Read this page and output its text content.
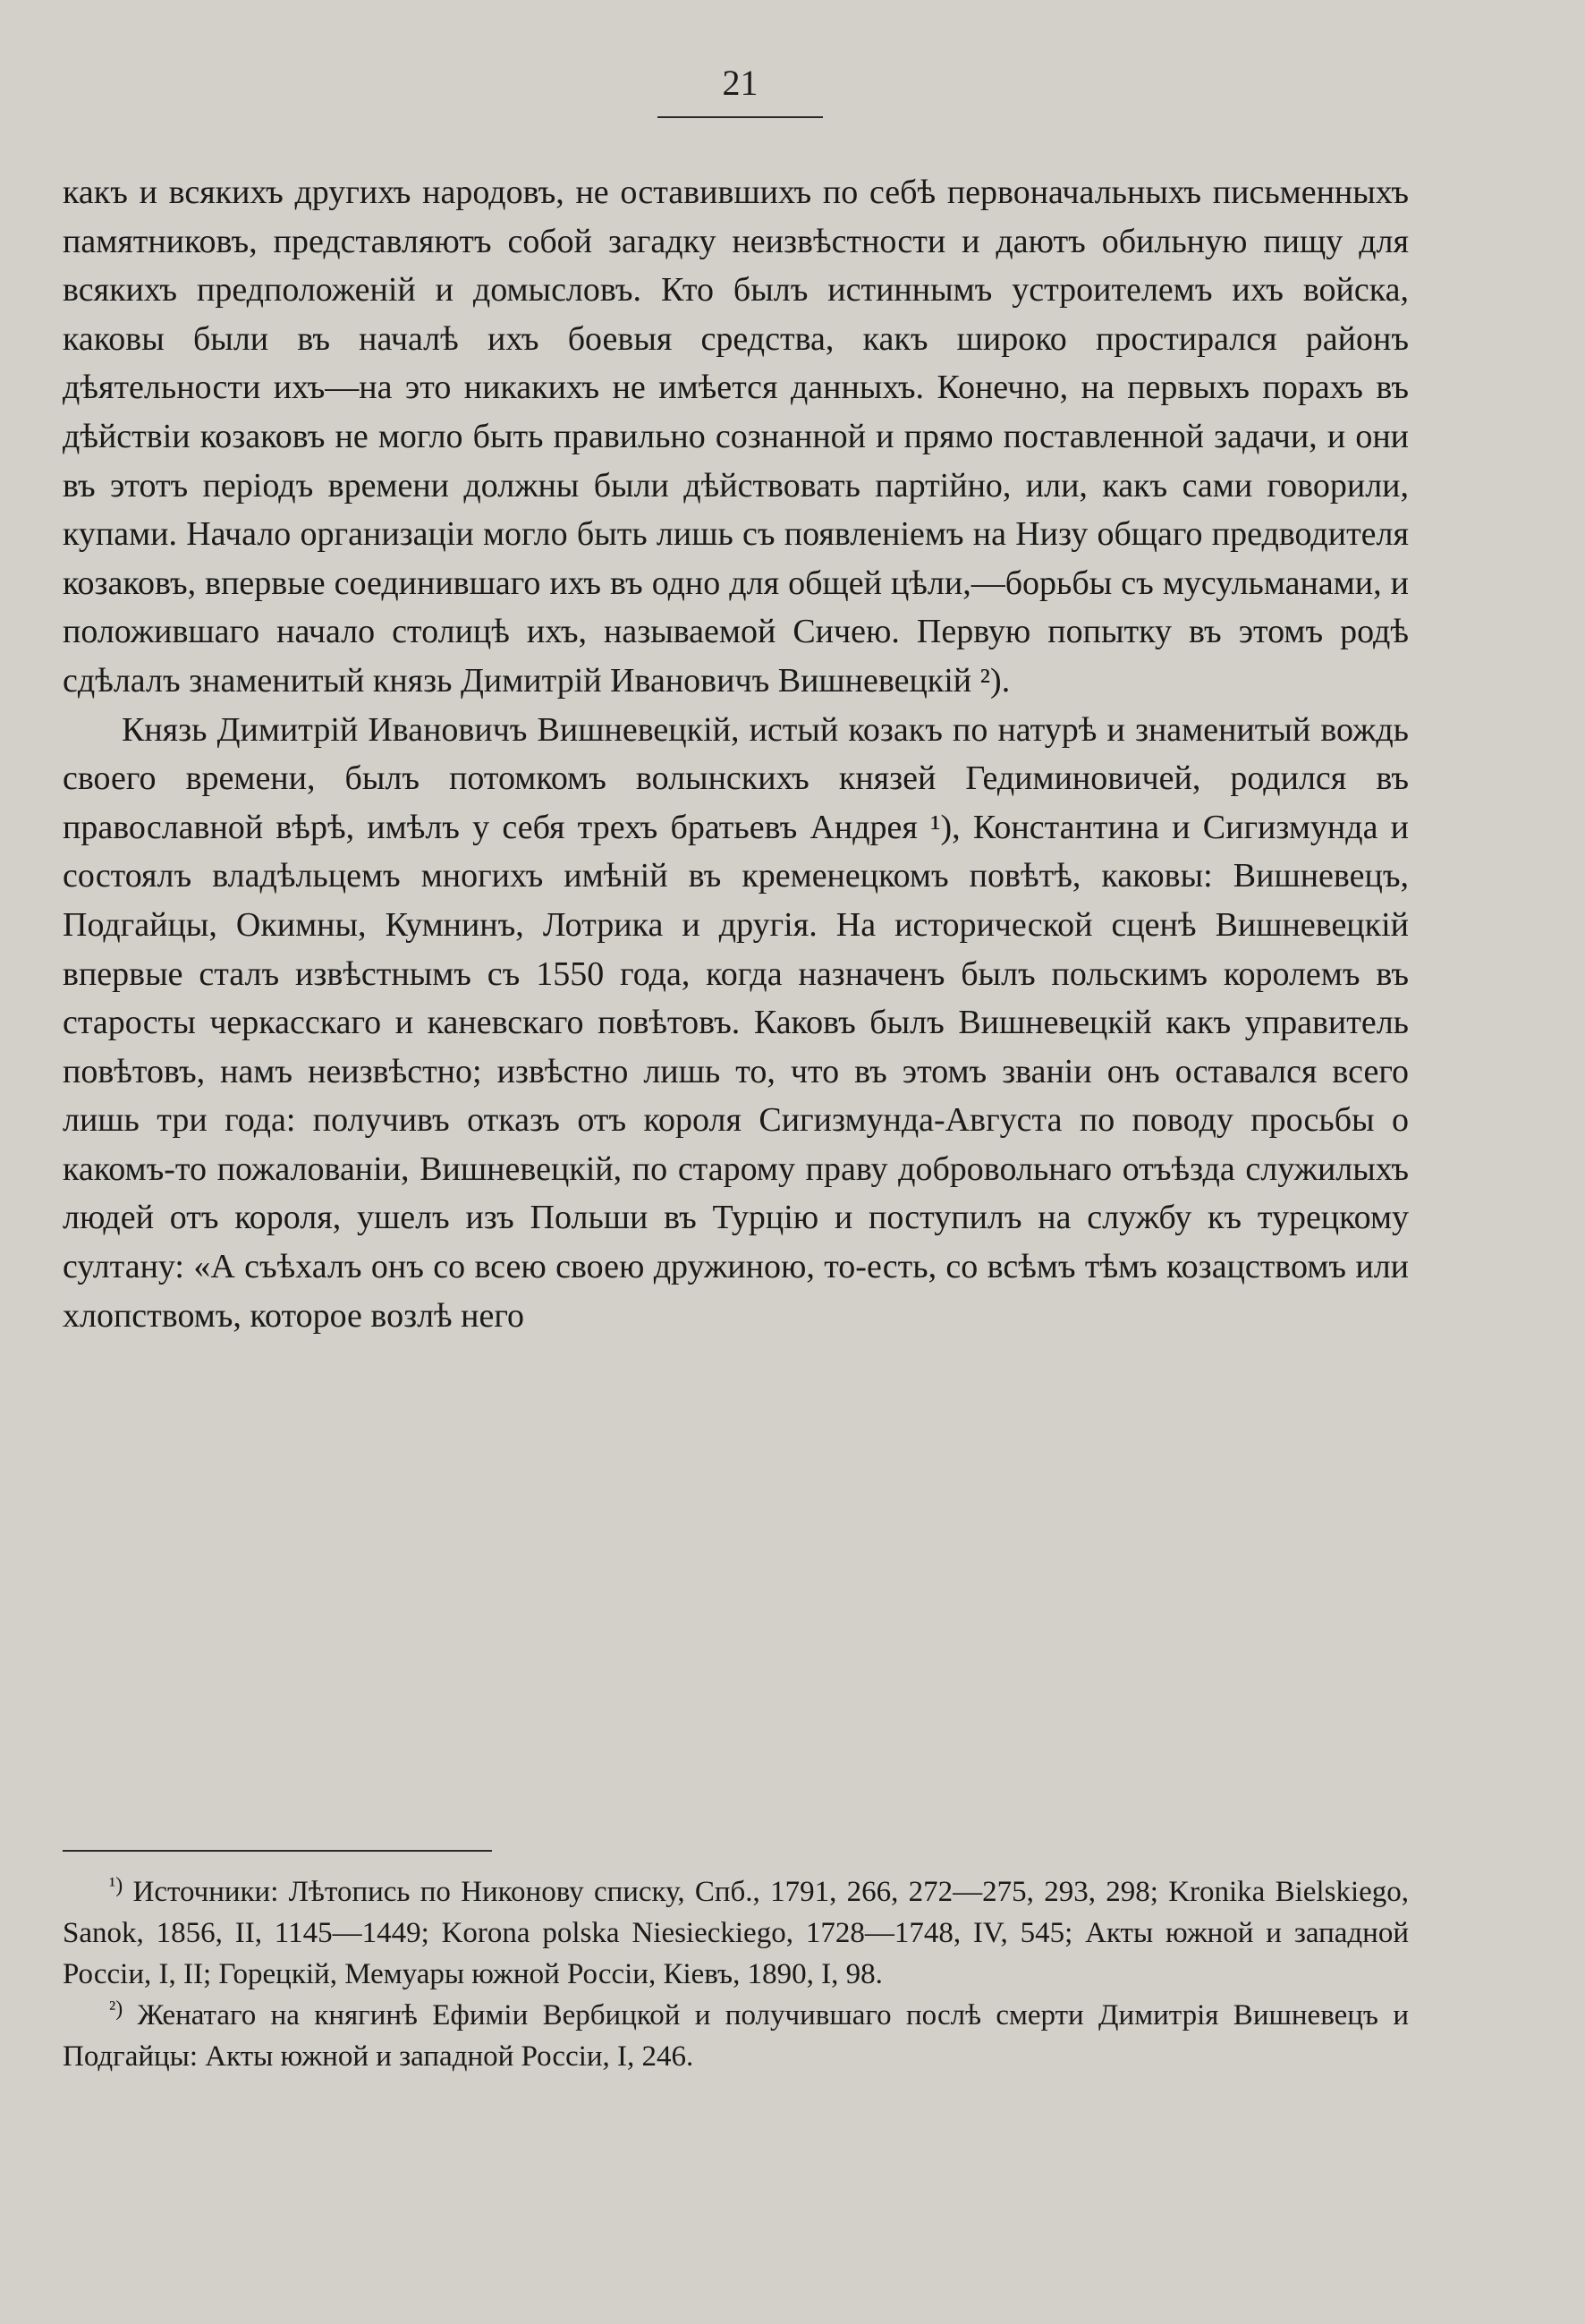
21

какъ и всякихъ другихъ народовъ, не оставившихъ по себѣ первоначальныхъ письменныхъ памятниковъ, представляютъ собой загадку неизвѣстности и даютъ обильную пищу для всякихъ предположеній и домысловъ. Кто былъ истиннымъ устроителемъ ихъ войска, каковы были въ началѣ ихъ боевыя средства, какъ широко простирался районъ дѣятельности ихъ—на это никакихъ не имѣется данныхъ. Конечно, на первыхъ порахъ въ дѣйствіи козаковъ не могло быть правильно сознанной и прямо поставленной задачи, и они въ этотъ періодъ времени должны были дѣйствовать партійно, или, какъ сами говорили, купами. Начало организаціи могло быть лишь съ появленіемъ на Низу общаго предводителя козаковъ, впервые соединившаго ихъ въ одно для общей цѣли,—борьбы съ мусульманами, и положившаго начало столицѣ ихъ, называемой Сичею. Первую попытку въ этомъ родѣ сдѣлалъ знаменитый князь Димитрій Ивановичъ Вишневецкій ²).

Князь Димитрій Ивановичъ Вишневецкій, истый козакъ по натурѣ и знаменитый вождь своего времени, былъ потомкомъ волынскихъ князей Гедиминовичей, родился въ православной вѣрѣ, имѣлъ у себя трехъ братьевъ Андрея ¹), Константина и Сигизмунда и состоялъ владѣльцемъ многихъ имѣній въ кременецкомъ повѣтѣ, каковы: Вишневецъ, Подгайцы, Окимны, Кумнинъ, Лотрика и другія. На исторической сценѣ Вишневецкій впервые сталъ извѣстнымъ съ 1550 года, когда назначенъ былъ польскимъ королемъ въ старосты черкасскаго и каневскаго повѣтовъ. Каковъ былъ Вишневецкій какъ управитель повѣтовъ, намъ неизвѣстно; извѣстно лишь то, что въ этомъ званіи онъ оставался всего лишь три года: получивъ отказъ отъ короля Сигизмунда-Августа по поводу просьбы о какомъ-то пожалованіи, Вишневецкій, по старому праву добровольнаго отъѣзда служилыхъ людей отъ короля, ушелъ изъ Польши въ Турцію и поступилъ на службу къ турецкому султану: «А съѣхалъ онъ со всею своею дружиною, то-есть, со всѣмъ тѣмъ козацствомъ или хлопствомъ, которое возлѣ него

$^{^1)}$ Источники: Лѣтопись по Никонову списку, Спб., 1791, 266, 272—275, 293, 298; Kronika Bielskiego, Sanok, 1856, II, 1145—1449; Korona polska Niesieckiego, 1728—1748, IV, 545; Акты южной и западной Россіи, I, II; Горецкій, Мемуары южной Россіи, Кіевъ, 1890, I, 98.

$^{^2)}$ Женатаго на княгинѣ Ефиміи Вербицкой и получившаго послѣ смерти Димитрія Вишневецъ и Подгайцы: Акты южной и западной Россіи, I, 246.
